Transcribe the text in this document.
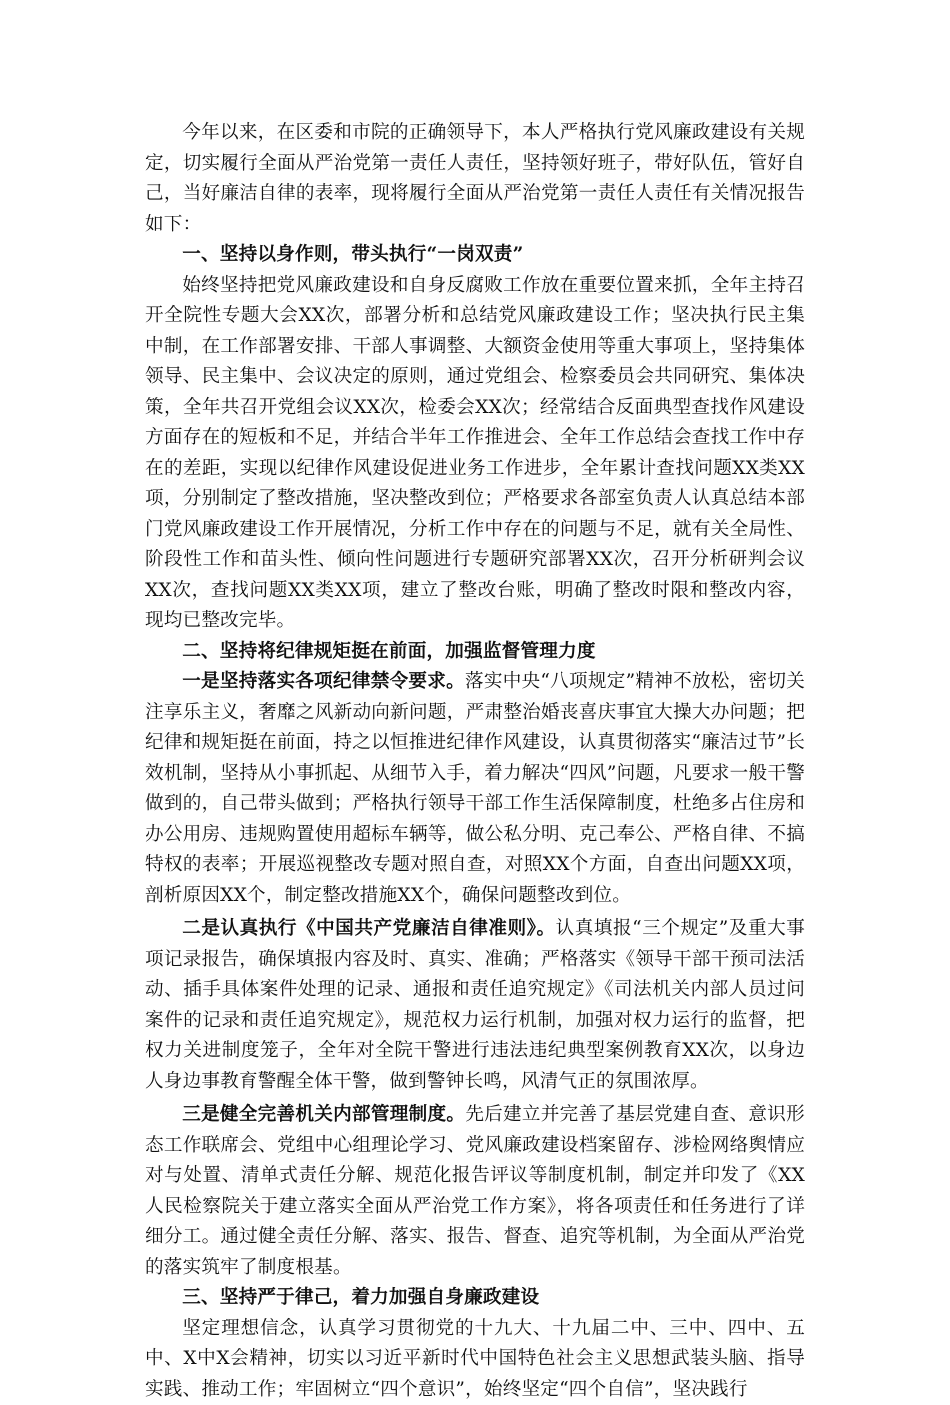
今年以来，在区委和市院的正确领导下，本人严格执行党风廉政建设有关规定，切实履行全面从严治党第一责任人责任，坚持领好班子，带好队伍，管好自己，当好廉洁自律的表率，现将履行全面从严治党第一责任人责任有关情况报告如下：

一、坚持以身作则，带头执行“一岗双责”

始终坚持把党风廉政建设和自身反腐败工作放在重要位置来抓，全年主持召开全院性专题大会XX次，部署分析和总结党风廉政建设工作；坚决执行民主集中制，在工作部署安排、干部人事调整、大额资金使用等重大事项上，坚持集体领导、民主集中、会议决定的原则，通过党组会、检察委员会共同研究、集体决策，全年共召开党组会议XX次，检委会XX次；经常结合反面典型查找作风建设方面存在的短板和不足，并结合半年工作推进会、全年工作总结会查找工作中存在的差距，实现以纪律作风建设促进业务工作进步，全年累计查找问题XX类XX项，分别制定了整改措施，坚决整改到位；严格要求各部室负责人认真总结本部门党风廉政建设工作开展情况，分析工作中存在的问题与不足，就有关全局性、阶段性工作和苗头性、倾向性问题进行专题研究部署XX次，召开分析研判会议XX次，查找问题XX类XX项，建立了整改台账，明确了整改时限和整改内容，现均已整改完毕。

二、坚持将纪律规矩挺在前面，加强监督管理力度

一是坚持落实各项纪律禁令要求。落实中央“八项规定”精神不放松，密切关注享乐主义，奢靡之风新动向新问题，严肃整治婚丧喜庆事宜大操大办问题；把纪律和规矩挺在前面，持之以恒推进纪律作风建设，认真贯彻落实“廉洁过节”长效机制，坚持从小事抓起、从细节入手，着力解决“四风”问题，凡要求一般干警做到的，自己带头做到；严格执行领导干部工作生活保障制度，杜绝多占住房和办公用房、违规购置使用超标车辆等，做公私分明、克己奉公、严格自律、不搞特权的表率；开展巡视整改专题对照自查，对照XX个方面，自查出问题XX项，剖析原因XX个，制定整改措施XX个，确保问题整改到位。

二是认真执行《中国共产党廉洁自律准则》。认真填报“三个规定”及重大事项记录报告，确保填报内容及时、真实、准确；严格落实《领导干部干预司法活动、插手具体案件处理的记录、通报和责任追究规定》《司法机关内部人员过问案件的记录和责任追究规定》，规范权力运行机制，加强对权力运行的监督，把权力关进制度笼子，全年对全院干警进行违法违纪典型案例教育XX次，以身边人身边事教育警醒全体干警，做到警钟长鸣，风清气正的氛围浓厚。

三是健全完善机关内部管理制度。先后建立并完善了基层党建自查、意识形态工作联席会、党组中心组理论学习、党风廉政建设档案留存、涉检网络舆情应对与处置、清单式责任分解、规范化报告评议等制度机制，制定并印发了《XX人民检察院关于建立落实全面从严治党工作方案》，将各项责任和任务进行了详细分工。通过健全责任分解、落实、报告、督查、追究等机制，为全面从严治党的落实筑牢了制度根基。

三、坚持严于律己，着力加强自身廉政建设

坚定理想信念，认真学习贯彻党的十九大、十九届二中、三中、四中、五中、X中X会精神，切实以习近平新时代中国特色社会主义思想武装头脑、指导实践、推动工作；牢固树立“四个意识”，始终坚定“四个自信”，坚决践行
